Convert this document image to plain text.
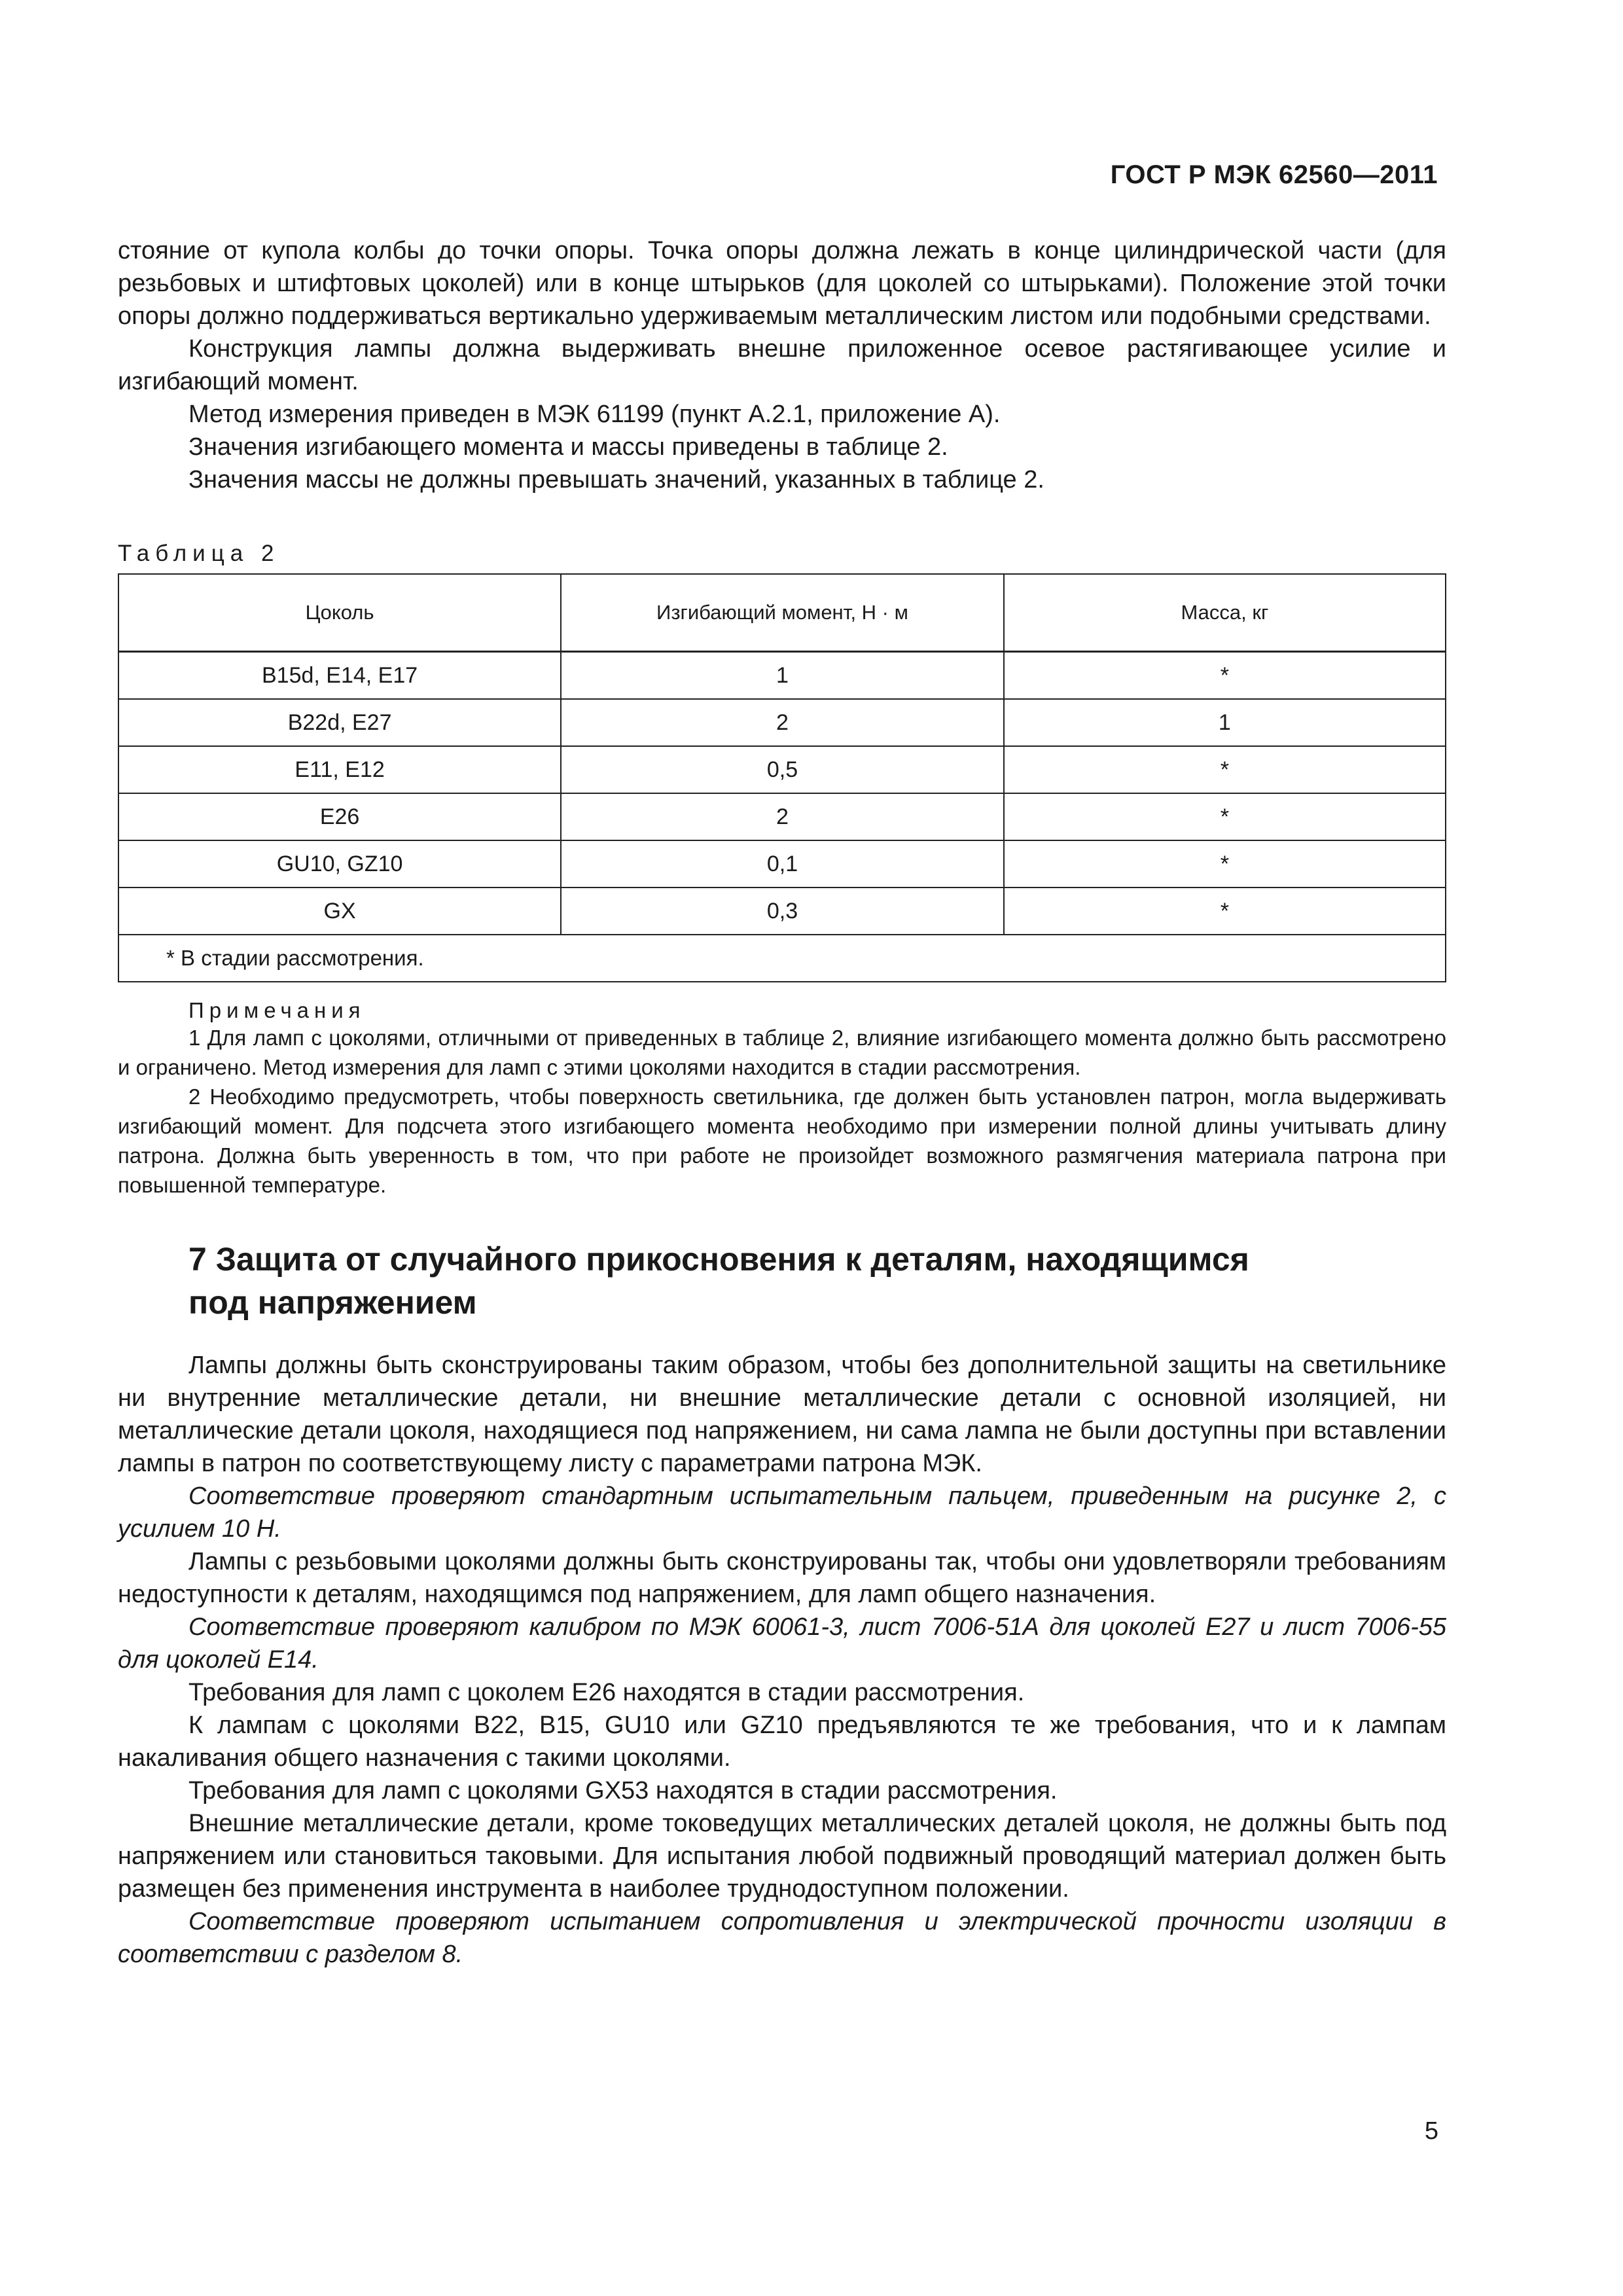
ГОСТ Р МЭК 62560—2011

стояние от купола колбы до точки опоры. Точка опоры должна лежать в конце цилиндрической части (для резьбовых и штифтовых цоколей) или в конце штырьков (для цоколей со штырьками). Положение этой точки опоры должно поддерживаться вертикально удерживаемым металлическим листом или подобными средствами.

Конструкция лампы должна выдерживать внешне приложенное осевое растягивающее усилие и изгибающий момент.

Метод измерения приведен в МЭК 61199 (пункт А.2.1, приложение А).

Значения изгибающего момента и массы приведены в таблице 2.

Значения массы не должны превышать значений, указанных в таблице 2.

Таблица 2
Цоколь	Изгибающий момент, Н · м	Масса, кг
B15d, E14, E17	1	*
B22d, E27	2	1
E11, E12	0,5	*
E26	2	*
GU10, GZ10	0,1	*
GX	0,3	*
* В стадии рассмотрения.		
Примечания

1 Для ламп с цоколями, отличными от приведенных в таблице 2, влияние изгибающего момента должно быть рассмотрено и ограничено. Метод измерения для ламп с этими цоколями находится в стадии рассмотрения.

2 Необходимо предусмотреть, чтобы поверхность светильника, где должен быть установлен патрон, могла выдерживать изгибающий момент. Для подсчета этого изгибающего момента необходимо при измерении полной длины учитывать длину патрона. Должна быть уверенность в том, что при работе не произойдет возможного размягчения материала патрона при повышенной температуре.

7 Защита от случайного прикосновения к деталям, находящимся
под напряжением

Лампы должны быть сконструированы таким образом, чтобы без дополнительной защиты на светильнике ни внутренние металлические детали, ни внешние металлические детали с основной изоляцией, ни металлические детали цоколя, находящиеся под напряжением, ни сама лампа не были доступны при вставлении лампы в патрон по соответствующему листу с параметрами патрона МЭК.

Соответствие проверяют стандартным испытательным пальцем, приведенным на рисунке 2, с усилием 10 Н.

Лампы с резьбовыми цоколями должны быть сконструированы так, чтобы они удовлетворяли требованиям недоступности к деталям, находящимся под напряжением, для ламп общего назначения.

Соответствие проверяют калибром по МЭК 60061-3, лист 7006-51А для цоколей Е27 и лист 7006-55 для цоколей Е14.

Требования для ламп с цоколем Е26 находятся в стадии рассмотрения.

К лампам с цоколями В22, В15, GU10 или GZ10 предъявляются те же требования, что и к лампам накаливания общего назначения с такими цоколями.

Требования для ламп с цоколями GX53 находятся в стадии рассмотрения.

Внешние металлические детали, кроме токоведущих металлических деталей цоколя, не должны быть под напряжением или становиться таковыми. Для испытания любой подвижный проводящий материал должен быть размещен без применения инструмента в наиболее труднодоступном положении.

Соответствие проверяют испытанием сопротивления и электрической прочности изоляции в соответствии с разделом 8.

5
